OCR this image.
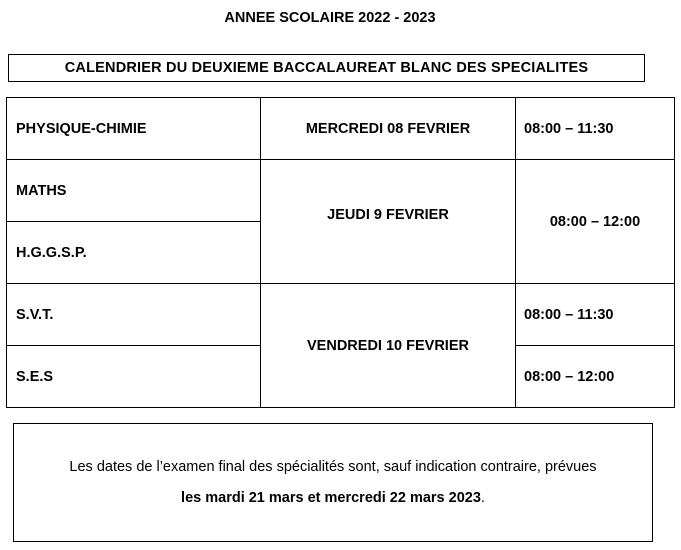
ANNEE SCOLAIRE 2022 - 2023
CALENDRIER DU DEUXIEME BACCALAUREAT BLANC DES SPECIALITES
PHYSIQUE-CHIMIE	MERCREDI 08 FEVRIER	08:00 – 11:30
MATHS	JEUDI 9 FEVRIER	08:00 – 12:00
H.G.G.S.P.		
S.V.T.	VENDREDI 10 FEVRIER	08:00 – 11:30
S.E.S		08:00 – 12:00
Les dates de l’examen final des spécialités sont, sauf indication contraire, prévues
les mardi 21 mars et mercredi 22 mars 2023.
